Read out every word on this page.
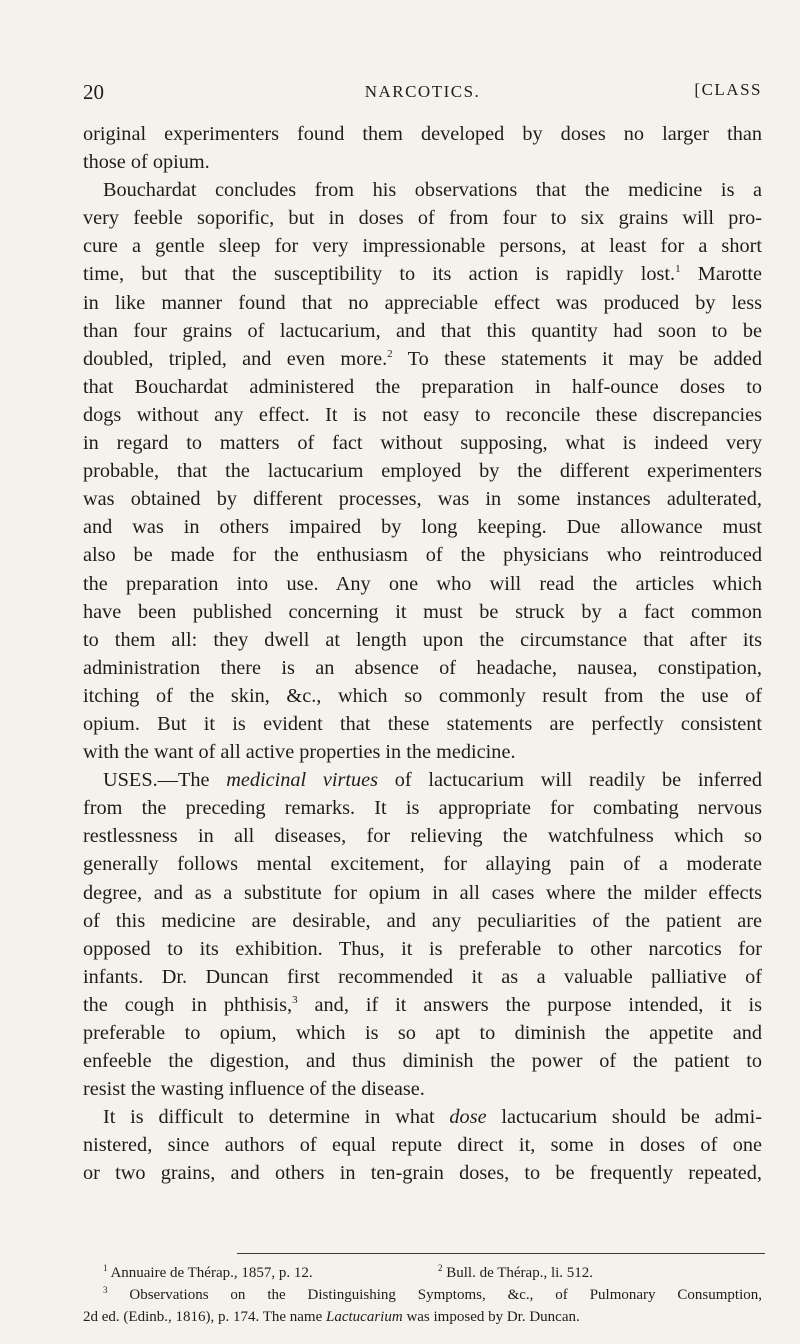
20	NARCOTICS.	[CLASS
original experimenters found them developed by doses no larger than
those of opium.
Bouchardat concludes from his observations that the medicine is a
very feeble soporific, but in doses of from four to six grains will pro-
cure a gentle sleep for very impressionable persons, at least for a short
time, but that the susceptibility to its action is rapidly lost.$^1$ Marotte
in like manner found that no appreciable effect was produced by less
than four grains of lactucarium, and that this quantity had soon to be
doubled, tripled, and even more.$^2$ To these statements it may be added
that Bouchardat administered the preparation in half-ounce doses to
dogs without any effect. It is not easy to reconcile these discrepancies
in regard to matters of fact without supposing, what is indeed very
probable, that the lactucarium employed by the different experimenters
was obtained by different processes, was in some instances adulterated,
and was in others impaired by long keeping. Due allowance must
also be made for the enthusiasm of the physicians who reintroduced
the preparation into use. Any one who will read the articles which
have been published concerning it must be struck by a fact common
to them all: they dwell at length upon the circumstance that after its
administration there is an absence of headache, nausea, constipation,
itching of the skin, &c., which so commonly result from the use of
opium. But it is evident that these statements are perfectly consistent
with the want of all active properties in the medicine.
USES.—The medicinal virtues of lactucarium will readily be inferred
from the preceding remarks. It is appropriate for combating nervous
restlessness in all diseases, for relieving the watchfulness which so
generally follows mental excitement, for allaying pain of a moderate
degree, and as a substitute for opium in all cases where the milder effects
of this medicine are desirable, and any peculiarities of the patient are
opposed to its exhibition. Thus, it is preferable to other narcotics for
infants. Dr. Duncan first recommended it as a valuable palliative of
the cough in phthisis,$^3$ and, if it answers the purpose intended, it is
preferable to opium, which is so apt to diminish the appetite and
enfeeble the digestion, and thus diminish the power of the patient to
resist the wasting influence of the disease.
It is difficult to determine in what dose lactucarium should be admi-
nistered, since authors of equal repute direct it, some in doses of one
or two grains, and others in ten-grain doses, to be frequently repeated,
$^1$ Annuaire de Thérap., 1857, p. 12.	$^2$ Bull. de Thérap., li. 512.
$^3$ Observations on the Distinguishing Symptoms, &c., of Pulmonary Consumption,
2d ed. (Edinb., 1816), p. 174. The name Lactucarium was imposed by Dr. Duncan.
